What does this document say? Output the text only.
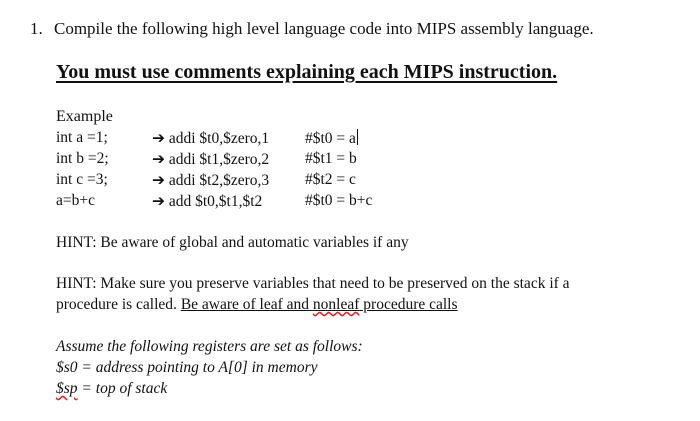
1. Compile the following high level language code into MIPS assembly language.
You must use comments explaining each MIPS instruction.
Example
int a =1;	➔ addi $t0,$zero,1 #$t0 = a
int b =2;	➔ addi $t1,$zero,2 #$t1 = b
int c =3;	➔ addi $t2,$zero,3 #$t2 = c
a=b+c	➔ add $t0,$t1,$t2	#$t0 = b+c
HINT: Be aware of global and automatic variables if any
HINT: Make sure you preserve variables that need to be preserved on the stack if a
procedure is called. Be aware of leaf and nonleaf procedure calls
Assume the following registers are set as follows:
$s0 = address pointing to A[0] in memory
$sp = top of stack
